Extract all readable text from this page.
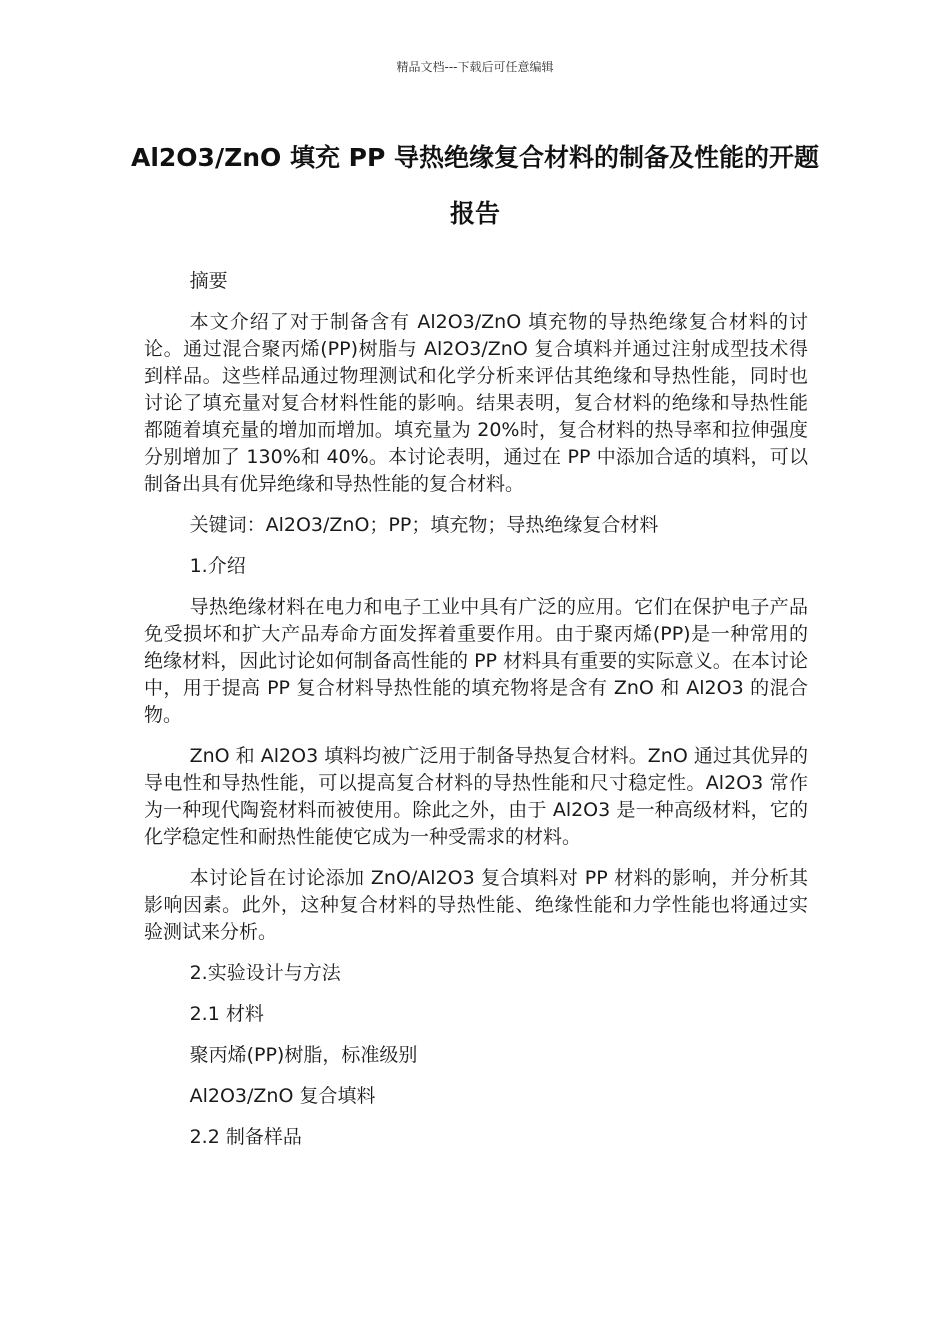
精品文档---下载后可任意编辑
Al2O3/ZnO 填充 PP 导热绝缘复合材料的制备及性能的开题报告

摘要

本文介绍了对于制备含有 Al2O3/ZnO 填充物的导热绝缘复合材料的讨论。通过混合聚丙烯(PP)树脂与 Al2O3/ZnO 复合填料并通过注射成型技术得到样品。这些样品通过物理测试和化学分析来评估其绝缘和导热性能，同时也讨论了填充量对复合材料性能的影响。结果表明，复合材料的绝缘和导热性能都随着填充量的增加而增加。填充量为 20%时，复合材料的热导率和拉伸强度分别增加了 130%和 40%。本讨论表明，通过在 PP 中添加合适的填料，可以制备出具有优异绝缘和导热性能的复合材料。

关键词：Al2O3/ZnO；PP；填充物；导热绝缘复合材料

1.介绍

导热绝缘材料在电力和电子工业中具有广泛的应用。它们在保护电子产品免受损坏和扩大产品寿命方面发挥着重要作用。由于聚丙烯(PP)是一种常用的绝缘材料，因此讨论如何制备高性能的 PP 材料具有重要的实际意义。在本讨论中，用于提高 PP 复合材料导热性能的填充物将是含有 ZnO 和 Al2O3 的混合物。

ZnO 和 Al2O3 填料均被广泛用于制备导热复合材料。ZnO 通过其优异的导电性和导热性能，可以提高复合材料的导热性能和尺寸稳定性。Al2O3 常作为一种现代陶瓷材料而被使用。除此之外，由于 Al2O3 是一种高级材料，它的化学稳定性和耐热性能使它成为一种受需求的材料。

本讨论旨在讨论添加 ZnO/Al2O3 复合填料对 PP 材料的影响，并分析其影响因素。此外，这种复合材料的导热性能、绝缘性能和力学性能也将通过实验测试来分析。

2.实验设计与方法

2.1 材料

聚丙烯(PP)树脂，标准级别

Al2O3/ZnO 复合填料

2.2 制备样品
